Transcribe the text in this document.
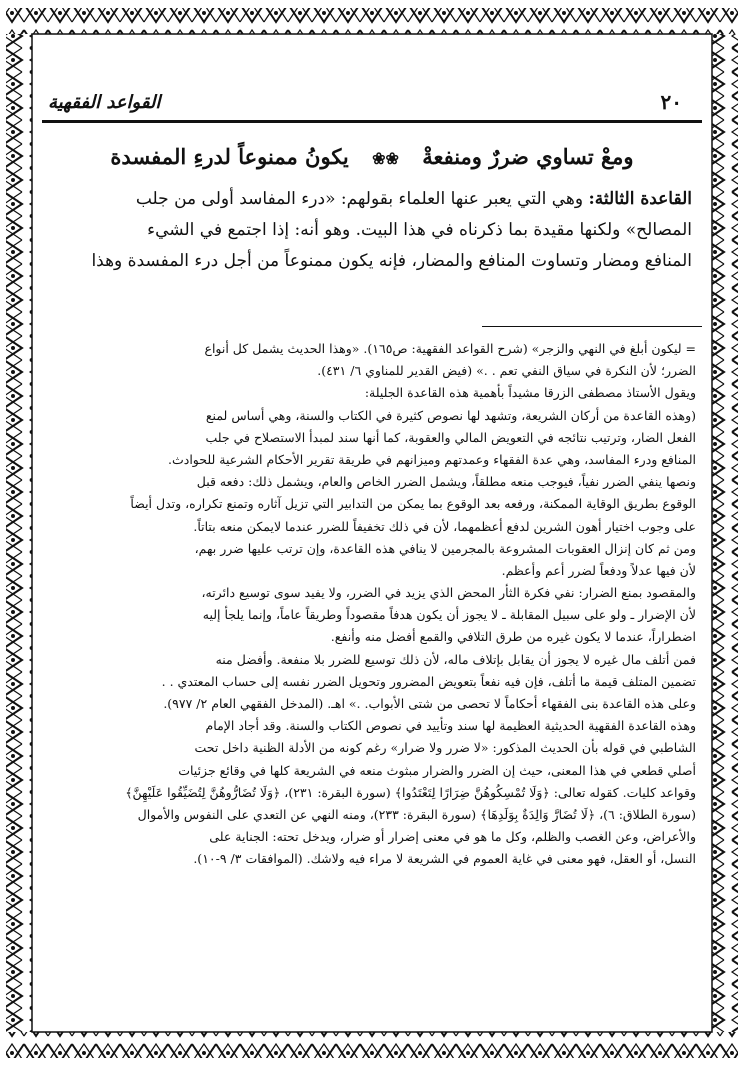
٢٠
القواعد الفقهية
ومعْ تساوي ضررٌ ومنفعةْ ❀❀ يكونُ ممنوعاً لدرءِ المفسدة
القاعدة الثالثة: وهي التي يعبر عنها العلماء بقولهم: «درء المفاسد أولى من جلب
المصالح» ولكنها مقيدة بما ذكرناه في هذا البيت. وهو أنه: إذا اجتمع في الشيء
المنافع ومضار وتساوت المنافع والمضار، فإنه يكون ممنوعاً من أجل درء المفسدة وهذا
= ليكون أبلغ في النهي والزجر» (شرح القواعد الفقهية: ص١٦٥). «وهذا الحديث يشمل كل أنواع
الضرر؛ لأن النكرة في سياق النفي تعم . .» (فيض القدير للمناوي ٦/ ٤٣١).
ويقول الأستاذ مصطفى الزرقا مشيداً بأهمية هذه القاعدة الجليلة:
(وهذه القاعدة من أركان الشريعة، وتشهد لها نصوص كثيرة في الكتاب والسنة، وهي أساس لمنع
الفعل الضار، وترتيب نتائجه في التعويض المالي والعقوبة، كما أنها سند لمبدأ الاستصلاح في جلب
المنافع ودرء المفاسد، وهي عدة الفقهاء وعمدتهم وميزانهم في طريقة تقرير الأحكام الشرعية للحوادث.
ونصها ينفي الضرر نفياً، فيوجب منعه مطلقاً، ويشمل الضرر الخاص والعام، ويشمل ذلك: دفعه قبل
الوقوع بطريق الوقاية الممكنة، ورفعه بعد الوقوع بما يمكن من التدابير التي تزيل آثاره وتمنع تكراره، وتدل أيضاً
على وجوب اختيار أهون الشرين لدفع أعظمهما، لأن في ذلك تخفيفاً للضرر عندما لايمكن منعه بتاتاً.
ومن ثم كان إنزال العقوبات المشروعة بالمجرمين لا ينافي هذه القاعدة، وإن ترتب عليها ضرر بهم،
لأن فيها عدلاً ودفعاً لضرر أعم وأعظم.
والمقصود بمنع الضرار: نفي فكرة الثأر المحض الذي يزيد في الضرر، ولا يفيد سوى توسيع دائرته،
لأن الإضرار ـ ولو على سبيل المقابلة ـ لا يجوز أن يكون هدفاً مقصوداً وطريقاً عاماً، وإنما يلجأ إليه
اضطراراً، عندما لا يكون غيره من طرق التلافي والقمع أفضل منه وأنفع.
فمن أتلف مال غيره لا يجوز أن يقابل بإتلاف ماله، لأن ذلك توسيع للضرر بلا منفعة. وأفضل منه
تضمين المتلف قيمة ما أتلف، فإن فيه نفعاً بتعويض المضرور وتحويل الضرر نفسه إلى حساب المعتدي . .
وعلى هذه القاعدة بنى الفقهاء أحكاماً لا تحصى من شتى الأبواب. .» اهـ. (المدخل الفقهي العام ٢/ ٩٧٧).
وهذه القاعدة الفقهية الحديثية العظيمة لها سند وتأييد في نصوص الكتاب والسنة. وقد أجاد الإمام
الشاطبي في قوله بأن الحديث المذكور: «لا ضرر ولا ضرار» رغم كونه من الأدلة الظنية داخل تحت
أصلي قطعي في هذا المعنى، حيث إن الضرر والضرار مبثوث منعه في الشريعة كلها في وقائع جزئيات
وقواعد كليات. كقوله تعالى: ﴿وَلَا تُمْسِكُوهُنَّ ضِرَارًا لِتَعْتَدُوا﴾ (سورة البقرة: ٢٣١)، ﴿وَلَا تُضَارُّوهُنَّ لِتُضَيِّقُوا عَلَيْهِنَّ﴾
(سورة الطلاق: ٦)، ﴿لَا تُضَارَّ وَالِدَةٌ بِوَلَدِهَا﴾ (سورة البقرة: ٢٣٣)، ومنه النهي عن التعدي على النفوس والأموال
والأعراض، وعن الغصب والظلم، وكل ما هو في معنى إضرار أو ضرار، ويدخل تحته: الجناية على
النسل، أو العقل، فهو معنى في غاية العموم في الشريعة لا مراء فيه ولاشك. (الموافقات ٣/ ٩-١٠).
